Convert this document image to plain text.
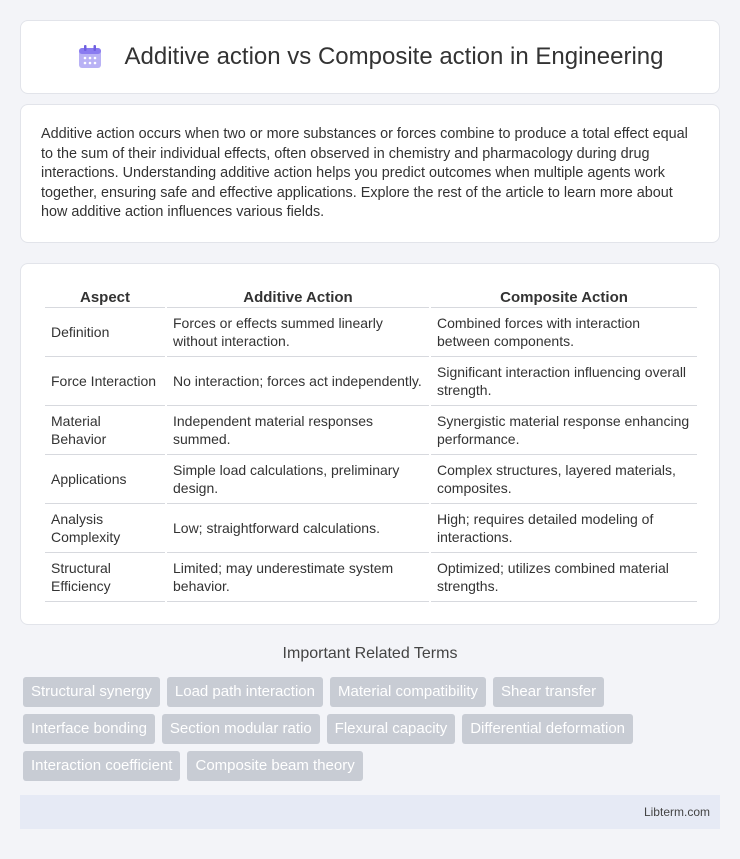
Additive action vs Composite action in Engineering

Additive action occurs when two or more substances or forces combine to produce a total effect equal to the sum of their individual effects, often observed in chemistry and pharmacology during drug interactions. Understanding additive action helps you predict outcomes when multiple agents work together, ensuring safe and effective applications. Explore the rest of the article to learn more about how additive action influences various fields.

Aspect	Additive Action	Composite Action
Definition	Forces or effects summed linearly without interaction.	Combined forces with interaction between components.
Force Interaction	No interaction; forces act independently.	Significant interaction influencing overall strength.
Material Behavior	Independent material responses summed.	Synergistic material response enhancing performance.
Applications	Simple load calculations, preliminary design.	Complex structures, layered materials, composites.
Analysis Complexity	Low; straightforward calculations.	High; requires detailed modeling of interactions.
Structural Efficiency	Limited; may underestimate system behavior.	Optimized; utilizes combined material strengths.
Important Related Terms
Structural synergy	Load path interaction	Material compatibility	Shear transfer
Interface bonding	Section modular ratio	Flexural capacity	Differential deformation
Interaction coefficient	Composite beam theory
Libterm.com
